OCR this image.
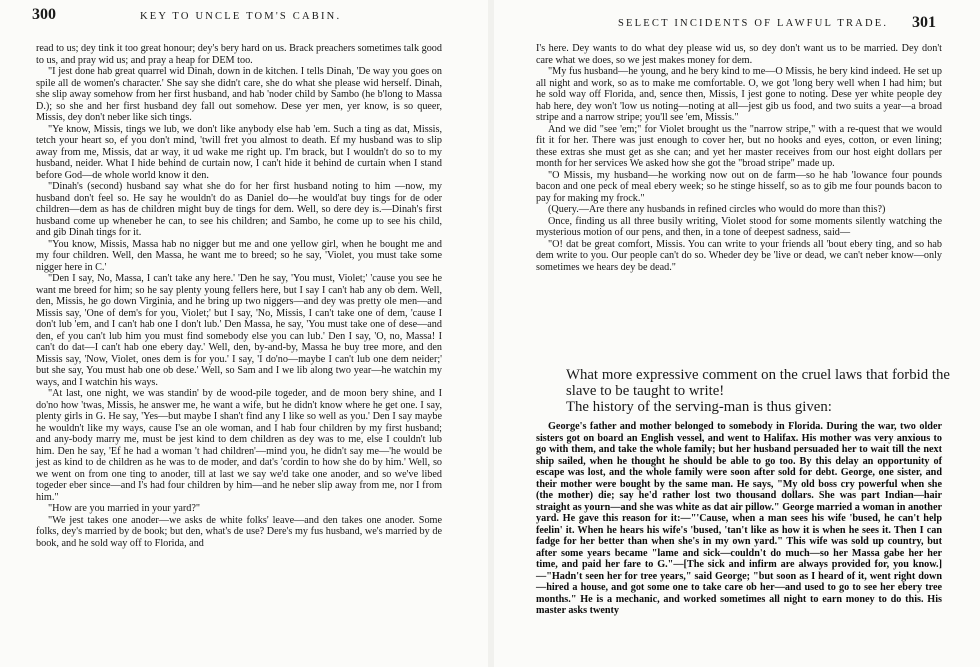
300	KEY TO UNCLE TOM'S CABIN.

read to us; dey tink it too great honour; dey's bery hard on us. Brack preachers sometimes talk good to us, and pray wid us; and pray a heap for DEM too.

"I jest done hab great quarrel wid Dinah, down in de kitchen. I tells Dinah, 'De way you goes on spile all de women's character.' She say she didn't care, she do what she please wid herself. Dinah, she slip away somehow from her first husband, and hab 'noder child by Sambo (he b'long to Massa D.); so she and her first husband dey fall out somehow. Dese yer men, yer know, is so queer, Missis, dey don't neber like sich tings.

"Ye know, Missis, tings we lub, we don't like anybody else hab 'em. Such a ting as dat, Missis, tetch your heart so, ef you don't mind, 'twill fret you almost to death. Ef my husband was to slip away from me, Missis, dat ar way, it ud wake me right up. I'm brack, but I wouldn't do so to my husband, neider. What I hide behind de curtain now, I can't hide it behind de curtain when I stand before God—de whole world know it den.

"Dinah's (second) husband say what she do for her first husband noting to him —now, my husband don't feel so. He say he wouldn't do as Daniel do—he would'at buy tings for de oder children—dem as has de children might buy de tings for dem. Well, so dere dey is.—Dinah's first husband come up wheneber he can, to see his children; and Sambo, he come up to see his child, and gib Dinah tings for it.

"You know, Missis, Massa hab no nigger but me and one yellow girl, when he bought me and my four children. Well, den Massa, he want me to breed; so he say, 'Violet, you must take some nigger here in C.'

"Den I say, No, Massa, I can't take any here.' 'Den he say, 'You must, Violet;' 'cause you see he want me breed for him; so he say plenty young fellers here, but I say I can't hab any ob dem. Well, den, Missis, he go down Virginia, and he bring up two niggers—and dey was pretty ole men—and Missis say, 'One of dem's for you, Violet;' but I say, 'No, Missis, I can't take one of dem, 'cause I don't lub 'em, and I can't hab one I don't lub.' Den Massa, he say, 'You must take one of dese—and den, ef you can't lub him you must find somebody else you can lub.' Den I say, 'O, no, Massa! I can't do dat—I can't hab one ebery day.' Well, den, by-and-by, Massa he buy tree more, and den Missis say, 'Now, Violet, ones dem is for you.' I say, 'I do'no—maybe I can't lub one dem neider;' but she say, You must hab one ob dese.' Well, so Sam and I we lib along two year—he watchin my ways, and I watchin his ways.

"At last, one night, we was standin' by de wood-pile togeder, and de moon bery shine, and I do'no how 'twas, Missis, he answer me, he want a wife, but he didn't know where he get one. I say, plenty girls in G. He say, 'Yes—but maybe I shan't find any I like so well as you.' Den I say maybe he wouldn't like my ways, cause I'se an ole woman, and I hab four children by my first husband; and any-body marry me, must be jest kind to dem children as dey was to me, else I couldn't lub him. Den he say, 'Ef he had a woman 't had children'—mind you, he didn't say me—'he would be jest as kind to de children as he was to de moder, and dat's 'cordin to how she do by him.' Well, so we went on from one ting to anoder, till at last we say we'd take one anoder, and so we've libed togeder eber since—and I's had four children by him—and he neber slip away from me, nor I from him."

"How are you married in your yard?"

"We jest takes one anoder—we asks de white folks' leave—and den takes one anoder. Some folks, dey's married by de book; but den, what's de use? Dere's my fus husband, we's married by de book, and he sold way off to Florida, and

SELECT INCIDENTS OF LAWFUL TRADE. 301

I's here. Dey wants to do what dey please wid us, so dey don't want us to be married. Dey don't care what we does, so we jest makes money for dem.

"My fus husband—he young, and he bery kind to me—O Missis, he bery kind indeed. He set up all night and work, so as to make me comfortable. O, we got 'long bery well when I had him; but he sold way off Florida, and, sence then, Missis, I jest gone to noting. Dese yer white people dey hab here, dey won't 'low us noting—noting at all—jest gib us food, and two suits a year—a broad stripe and a narrow stripe; you'll see 'em, Missis."

And we did "see 'em;" for Violet brought us the "narrow stripe," with a re-quest that we would fit it for her. There was just enough to cover her, but no hooks and eyes, cotton, or even lining; these extras she must get as she can; and yet her master receives from our host eight dollars per month for her services We asked how she got the "broad stripe" made up.

"O Missis, my husband—he working now out on de farm—so he hab 'lowance four pounds bacon and one peck of meal ebery week; so he stinge hisself, so as to gib me four pounds bacon to pay for making my frock."

(Query.—Are there any husbands in refined circles who would do more than this?)

Once, finding us all three busily writing, Violet stood for some moments silently watching the mysterious motion of our pens, and then, in a tone of deepest sadness, said—

"O! dat be great comfort, Missis. You can write to your friends all 'bout ebery ting, and so hab dem write to you. Our people can't do so. Wheder dey be 'live or dead, we can't neber know—only sometimes we hears dey be dead."

What more expressive comment on the cruel laws that forbid the slave to be taught to write!

The history of the serving-man is thus given:

George's father and mother belonged to somebody in Florida. During the war, two older sisters got on board an English vessel, and went to Halifax. His mother was very anxious to go with them, and take the whole family; but her husband persuaded her to wait till the next ship sailed, when he thought he should be able to go too. By this delay an opportunity of escape was lost, and the whole family were soon after sold for debt. George, one sister, and their mother were bought by the same man. He says, "My old boss cry powerful when she (the mother) die; say he'd rather lost two thousand dollars. She was part Indian—hair straight as yourn—and she was white as dat air pillow." George married a woman in another yard. He gave this reason for it:—"'Cause, when a man sees his wife 'bused, he can't help feelin' it. When he hears his wife's 'bused, 'tan't like as how it is when he sees it. Then I can fadge for her better than when she's in my own yard." This wife was sold up country, but after some years became "lame and sick—couldn't do much—so her Massa gabe her her time, and paid her fare to G."—[The sick and infirm are always provided for, you know.]—"Hadn't seen her for tree years," said George; "but soon as I heard of it, went right down—hired a house, and got some one to take care ob her—and used to go to see her ebery tree months." He is a mechanic, and worked sometimes all night to earn money to do this. His master asks twenty
